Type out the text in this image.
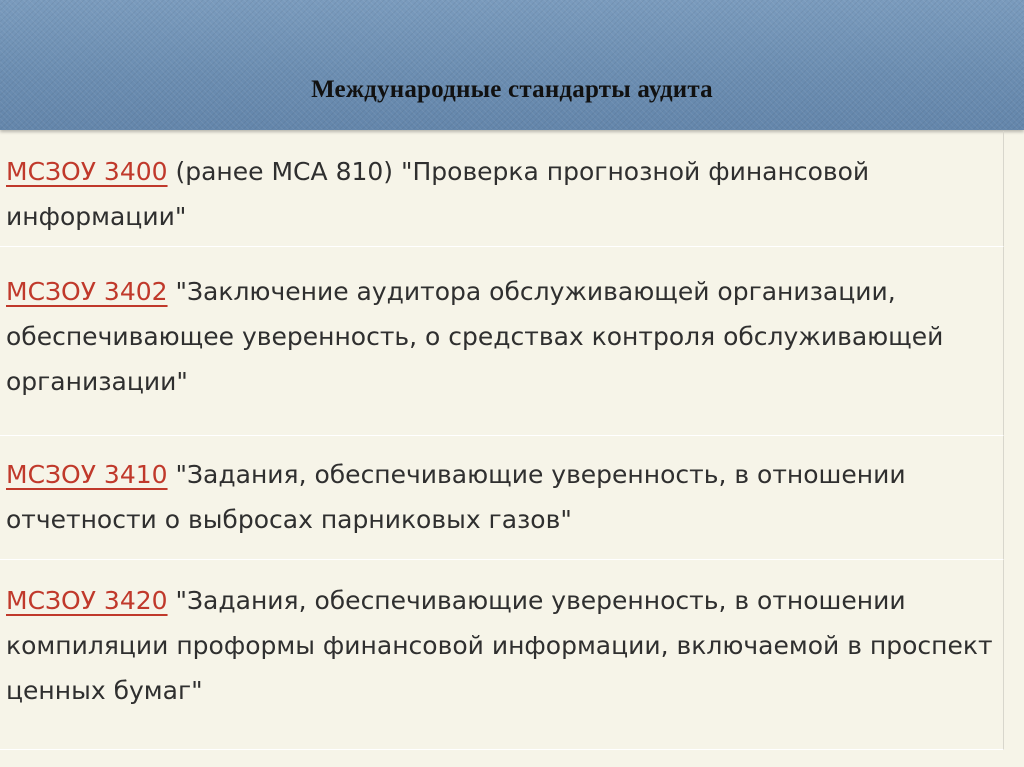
Международные стандарты аудита

МСЗОУ 3400 (ранее МСА 810) "Проверка прогнозной финансовой информации"

МСЗОУ 3402 "Заключение аудитора обслуживающей организации, обеспечивающее уверенность, о средствах контроля обслуживающей организации"

МСЗОУ 3410 "Задания, обеспечивающие уверенность, в отношении отчетности о выбросах парниковых газов"

МСЗОУ 3420 "Задания, обеспечивающие уверенность, в отношении компиляции проформы финансовой информации, включаемой в проспект ценных бумаг"
